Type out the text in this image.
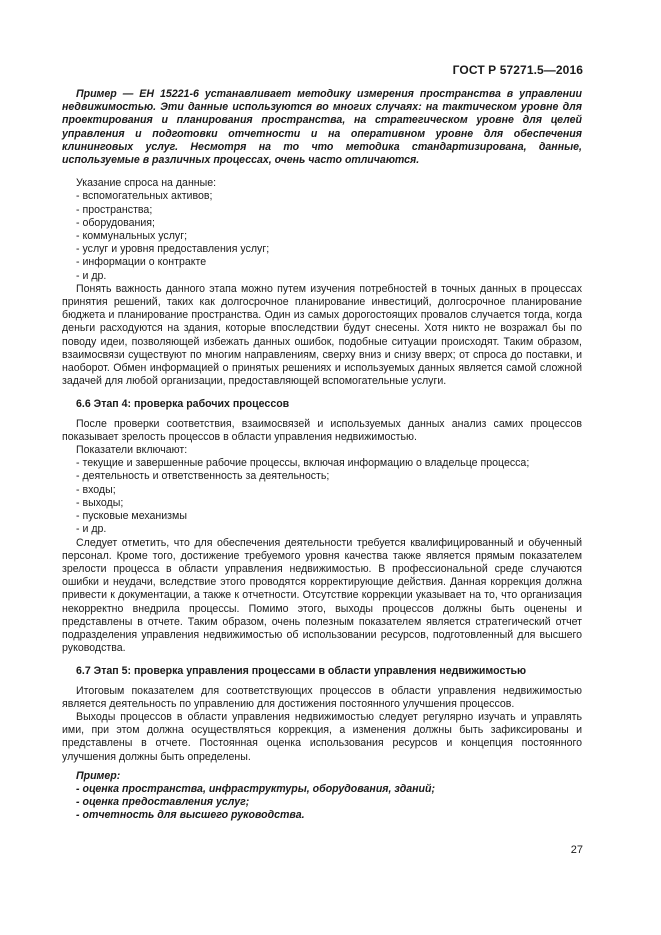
ГОСТ Р 57271.5—2016

Пример — ЕН 15221-6 устанавливает методику измерения пространства в управлении недвижимостью. Эти данные используются во многих случаях: на тактическом уровне для проектирования и планирования пространства, на стратегическом уровне для целей управления и подготовки отчетности и на оперативном уровне для обеспечения клининговых услуг. Несмотря на то что методика стандартизирована, данные, используемые в различных процессах, очень часто отличаются.

Указание спроса на данные:

- вспомогательных активов;

- пространства;

- оборудования;

- коммунальных услуг;

- услуг и уровня предоставления услуг;

- информации о контракте

- и др.

Понять важность данного этапа можно путем изучения потребностей в точных данных в процессах принятия решений, таких как долгосрочное планирование инвестиций, долгосрочное планирование бюджета и планирование пространства. Один из самых дорогостоящих провалов случается тогда, когда деньги расходуются на здания, которые впоследствии будут снесены. Хотя никто не возражал бы по поводу идеи, позволяющей избежать данных ошибок, подобные ситуации происходят. Таким образом, взаимосвязи существуют по многим направлениям, сверху вниз и снизу вверх; от спроса до поставки, и наоборот. Обмен информацией о принятых решениях и используемых данных является самой сложной задачей для любой организации, предоставляющей вспомогательные услуги.

6.6 Этап 4: проверка рабочих процессов

После проверки соответствия, взаимосвязей и используемых данных анализ самих процессов показывает зрелость процессов в области управления недвижимостью.

Показатели включают:

- текущие и завершенные рабочие процессы, включая информацию о владельце процесса;

- деятельность и ответственность за деятельность;

- входы;

- выходы;

- пусковые механизмы

- и др.

Следует отметить, что для обеспечения деятельности требуется квалифицированный и обученный персонал. Кроме того, достижение требуемого уровня качества также является прямым показателем зрелости процесса в области управления недвижимостью. В профессиональной среде случаются ошибки и неудачи, вследствие этого проводятся корректирующие действия. Данная коррекция должна привести к документации, а также к отчетности. Отсутствие коррекции указывает на то, что организация некорректно внедрила процессы. Помимо этого, выходы процессов должны быть оценены и представлены в отчете. Таким образом, очень полезным показателем является стратегический отчет подразделения управления недвижимостью об использовании ресурсов, подготовленный для высшего руководства.

6.7 Этап 5: проверка управления процессами в области управления недвижимостью

Итоговым показателем для соответствующих процессов в области управления недвижимостью является деятельность по управлению для достижения постоянного улучшения процессов.

Выходы процессов в области управления недвижимостью следует регулярно изучать и управлять ими, при этом должна осуществляться коррекция, а изменения должны быть зафиксированы и представлены в отчете. Постоянная оценка использования ресурсов и концепция постоянного улучшения должны быть определены.

Пример:

- оценка пространства, инфраструктуры, оборудования, зданий;

- оценка предоставления услуг;

- отчетность для высшего руководства.

27
